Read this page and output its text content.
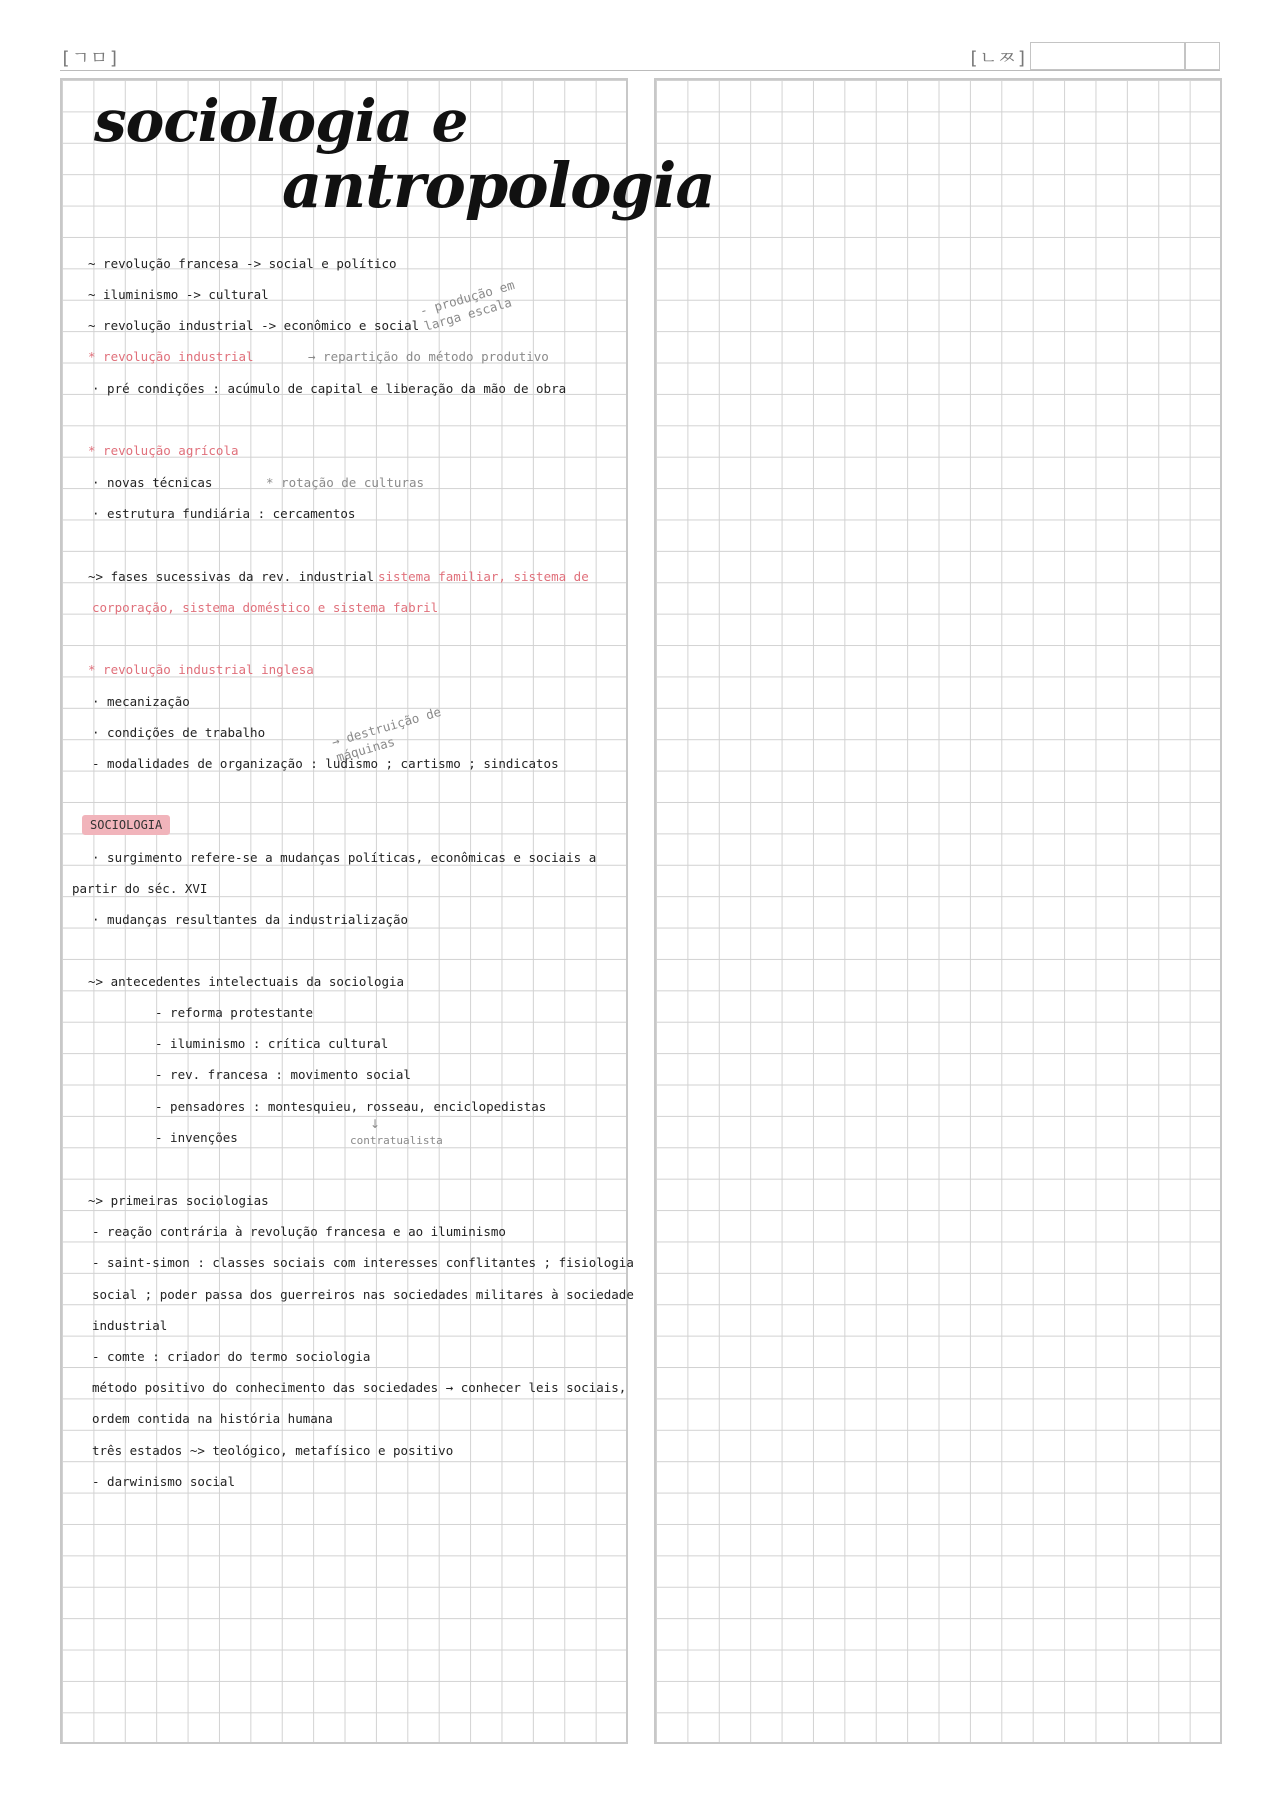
[ㄱㅁ]	[ㄴㅉ]
sociologia e
antropologia
~ revolução francesa -> social e político
~ iluminismo -> cultural
~ revolução industrial -> econômico e social
- produção em larga escala
* revolução industrial	→ repartição do método produtivo
· pré condições : acúmulo de capital e liberação da mão de obra
* revolução agrícola
· novas técnicas	* rotação de culturas
· estrutura fundiária : cercamentos
~> fases sucessivas da rev. industrial sistema familiar, sistema de
corporação, sistema doméstico e sistema fabril
* revolução industrial inglesa
· mecanização
· condições de trabalho	→ destruição de máquinas
- modalidades de organização : ludismo ; cartismo ; sindicatos
SOCIOLOGIA
· surgimento refere-se a mudanças políticas, econômicas e sociais a
partir do séc. XVI
· mudanças resultantes da industrialização
~> antecedentes intelectuais da sociologia
- reforma protestante
- iluminismo : crítica cultural
- rev. francesa : movimento social
- pensadores : montesquieu, rosseau, enciclopedistas
- invenções
↓
contratualista
~> primeiras sociologias
- reação contrária à revolução francesa e ao iluminismo
- saint-simon : classes sociais com interesses conflitantes ; fisiologia
social ; poder passa dos guerreiros nas sociedades militares à sociedade
industrial
- comte : criador do termo sociologia
método positivo do conhecimento das sociedades → conhecer leis sociais,
ordem contida na história humana
três estados ~> teológico, metafísico e positivo
- darwinismo social
